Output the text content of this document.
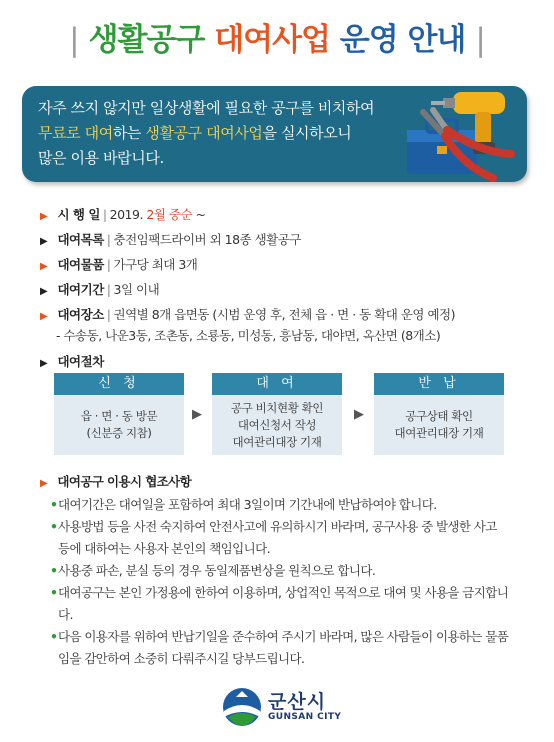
| 생활공구 대여사업 운영 안내 |
자주 쓰지 않지만 일상생활에 필요한 공구를 비치하여
무료로 대여하는 생활공구 대여사업을 실시하오니
많은 이용 바랍니다.
▶ 시 행 일 | 2019. 2월 중순 ~
▶ 대여목록 | 충전임팩드라이버 외 18종 생활공구
▶ 대여물품 | 가구당 최대 3개
▶ 대여기간 | 3일 이내
▶ 대여장소 | 권역별 8개 읍면동 (시범 운영 후, 전체 읍 · 면 · 동 확대 운영 예정)
- 수송동, 나운3동, 조촌동, 소룡동, 미성동, 흥남동, 대야면, 옥산면 (8개소)
▶ 대여절차
신 청
읍 · 면 · 동 방문
(신분증 지참)
▶
대 여
공구 비치현황 확인
대여신청서 작성
대여관리대장 기재
▶
반 납
공구상태 확인
대여관리대장 기재
▶ 대여공구 이용시 협조사항
• 대여기간은 대여일을 포함하여 최대 3일이며 기간내에 반납하여야 합니다.
• 사용방법 등을 사전 숙지하여 안전사고에 유의하시기 바라며, 공구사용 중 발생한 사고 등에 대하여는 사용자 본인의 책임입니다.
• 사용중 파손, 분실 등의 경우 동일제품변상을 원칙으로 합니다.
• 대여공구는 본인 가정용에 한하여 이용하며, 상업적인 목적으로 대여 및 사용을 금지합니다.
• 다음 이용자를 위하여 반납기일을 준수하여 주시기 바라며, 많은 사람들이 이용하는 물품임을 감안하여 소중히 다뤄주시길 당부드립니다.
군산시
GUNSAN CITY
